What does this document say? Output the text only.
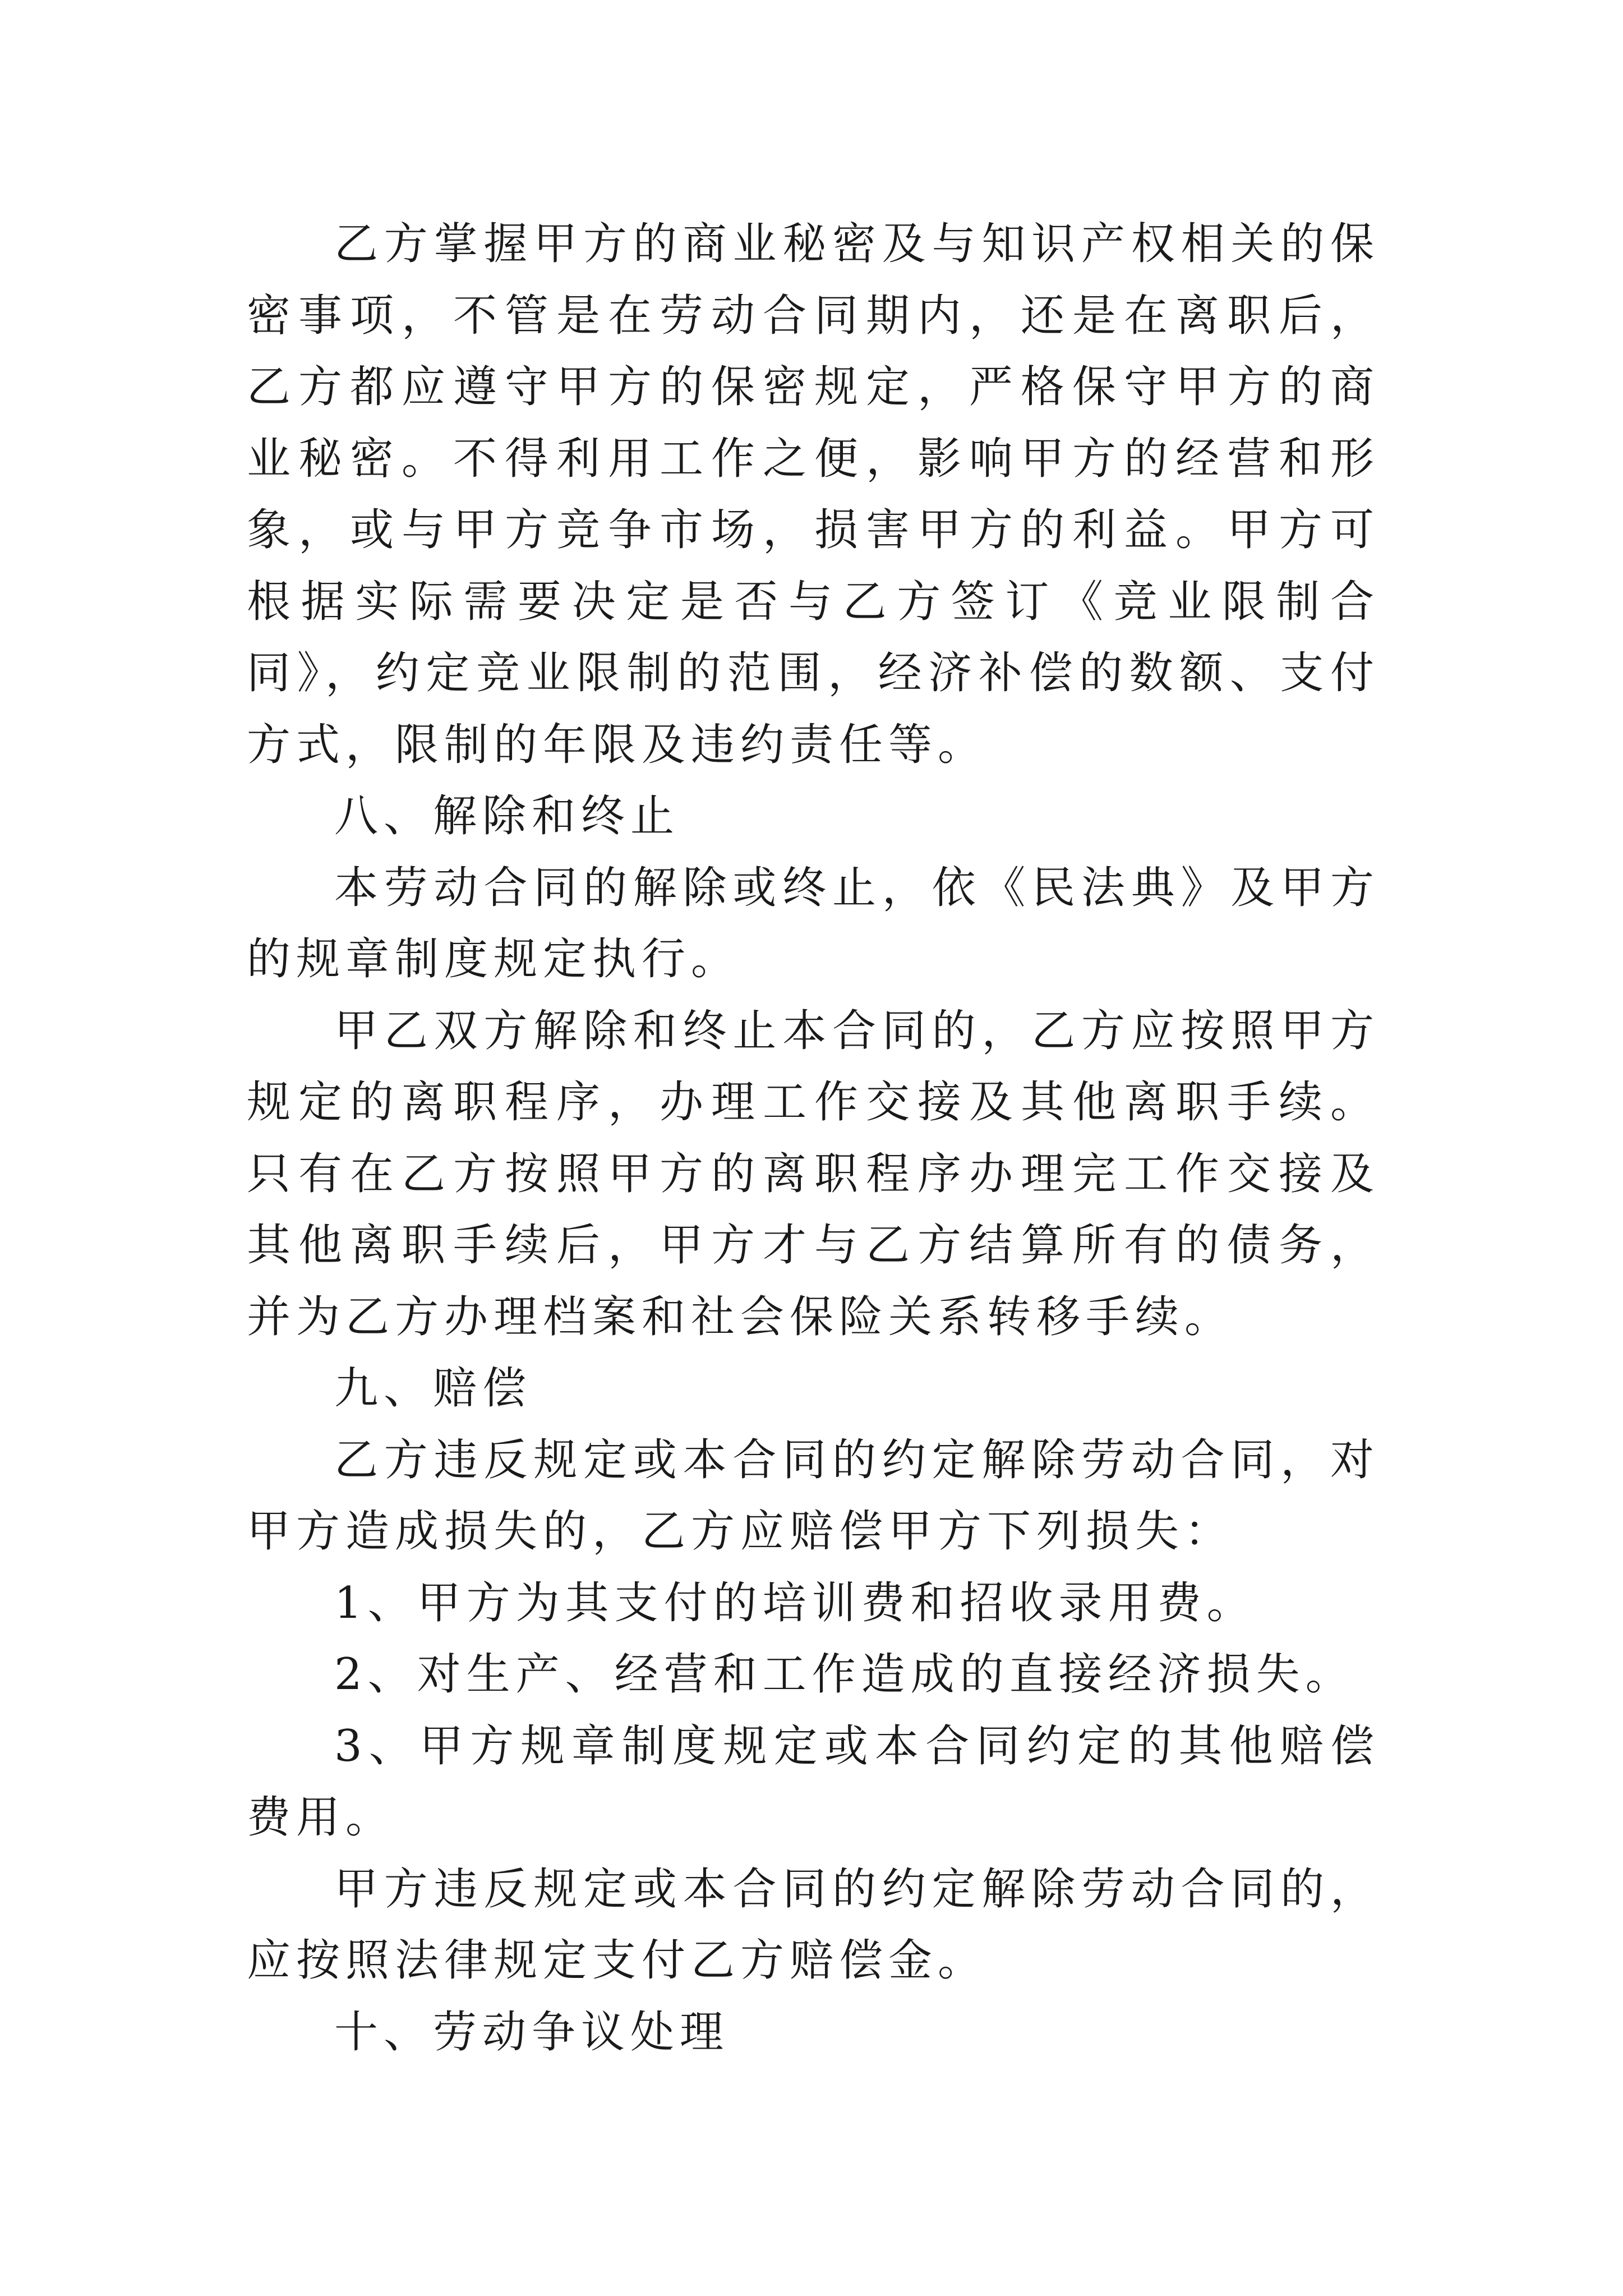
乙方掌握甲方的商业秘密及与知识产权相关的保密事项，不管是在劳动合同期内，还是在离职后，乙方都应遵守甲方的保密规定，严格保守甲方的商业秘密。不得利用工作之便，影响甲方的经营和形象，或与甲方竞争市场，损害甲方的利益。甲方可根据实际需要决定是否与乙方签订《竞业限制合同》，约定竞业限制的范围，经济补偿的数额、支付方式，限制的年限及违约责任等。

八、解除和终止

本劳动合同的解除或终止，依《民法典》及甲方的规章制度规定执行。

甲乙双方解除和终止本合同的，乙方应按照甲方规定的离职程序，办理工作交接及其他离职手续。只有在乙方按照甲方的离职程序办理完工作交接及其他离职手续后，甲方才与乙方结算所有的债务，并为乙方办理档案和社会保险关系转移手续。

九、赔偿

乙方违反规定或本合同的约定解除劳动合同，对甲方造成损失的，乙方应赔偿甲方下列损失：

1、甲方为其支付的培训费和招收录用费。

2、对生产、经营和工作造成的直接经济损失。

3、甲方规章制度规定或本合同约定的其他赔偿费用。

甲方违反规定或本合同的约定解除劳动合同的，应按照法律规定支付乙方赔偿金。

十、劳动争议处理
